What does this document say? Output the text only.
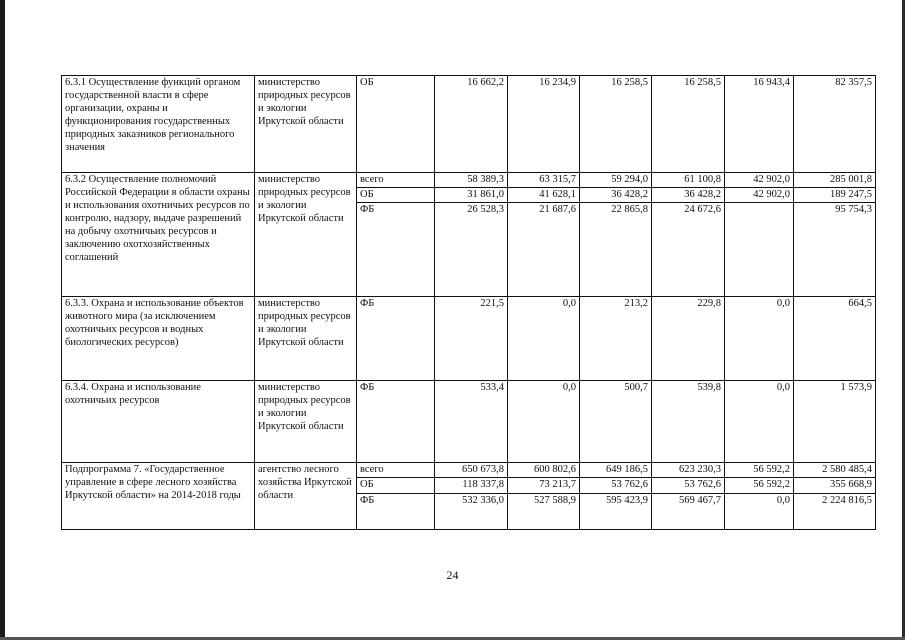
6.3.1 Осуществление функций органом государственной власти в сфере организации, охраны и функционирования государственных природных заказников регионального значения	министерство природных ресурсов и экологии Иркутской области	ОБ	16 662,2	16 234,9	16 258,5	16 258,5	16 943,4	82 357,5
6.3.2 Осуществление полномочий Российской Федерации в области охраны и использования охотничьих ресурсов по контролю, надзору, выдаче разрешений на добычу охотничьих ресурсов и заключению охотхозяйственных соглашений	министерство природных ресурсов и экологии Иркутской области	всего	58 389,3	63 315,7	59 294,0	61 100,8	42 902,0	285 001,8
		ОБ	31 861,0	41 628,1	36 428,2	36 428,2	42 902,0	189 247,5
		ФБ	26 528,3	21 687,6	22 865,8	24 672,6		95 754,3
6.3.3. Охрана и использование объектов животного мира (за исключением охотничьих ресурсов и водных биологических ресурсов)	министерство природных ресурсов и экологии Иркутской области	ФБ	221,5	0,0	213,2	229,8	0,0	664,5
6.3.4. Охрана и использование охотничьих ресурсов	министерство природных ресурсов и экологии Иркутской области	ФБ	533,4	0,0	500,7	539,8	0,0	1 573,9
Подпрограмма 7. «Государственное управление в сфере лесного хозяйства Иркутской области» на 2014-2018 годы	агентство лесного хозяйства Иркутской области	всего	650 673,8	600 802,6	649 186,5	623 230,3	56 592,2	2 580 485,4
		ОБ	118 337,8	73 213,7	53 762,6	53 762,6	56 592,2	355 668,9
		ФБ	532 336,0	527 588,9	595 423,9	569 467,7	0,0	2 224 816,5
24
